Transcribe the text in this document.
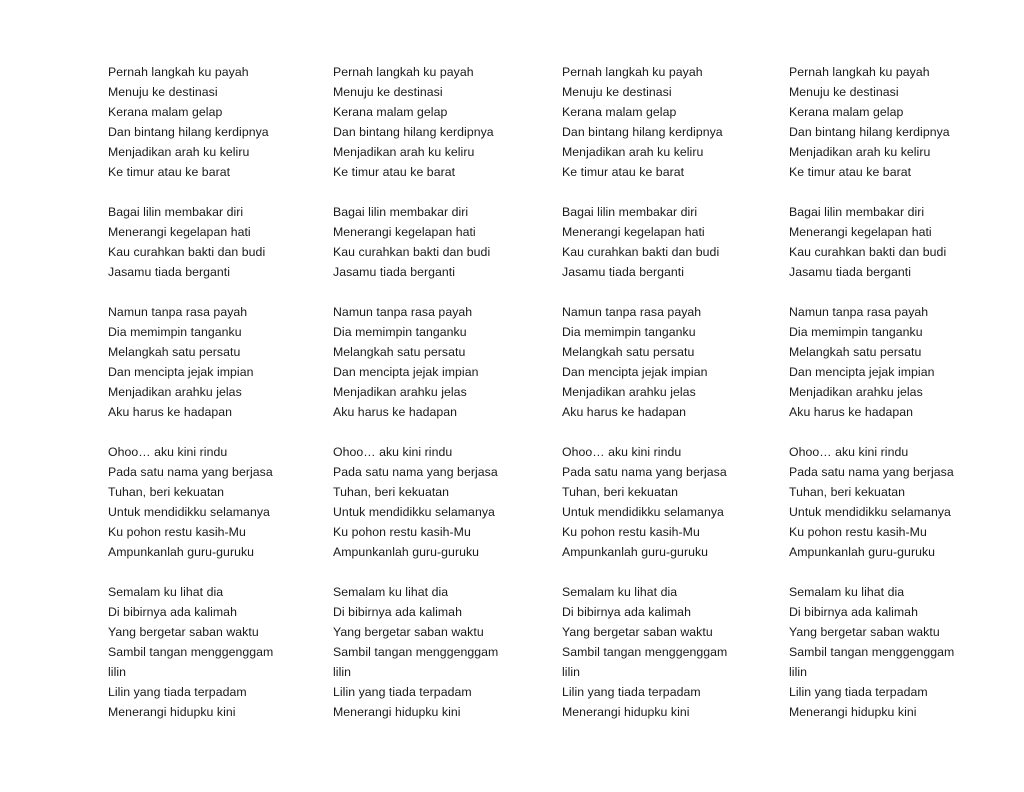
Pernah langkah ku payah
Menuju ke destinasi
Kerana malam gelap
Dan bintang hilang kerdipnya
Menjadikan arah ku keliru
Ke timur atau ke barat
Bagai lilin membakar diri
Menerangi kegelapan hati
Kau curahkan bakti dan budi
Jasamu tiada berganti
Namun tanpa rasa payah
Dia memimpin tanganku
Melangkah satu persatu
Dan mencipta jejak impian
Menjadikan arahku jelas
Aku harus ke hadapan
Ohoo… aku kini rindu
Pada satu nama yang berjasa
Tuhan, beri kekuatan
Untuk mendidikku selamanya
Ku pohon restu kasih-Mu
Ampunkanlah guru-guruku
Semalam ku lihat dia
Di bibirnya ada kalimah
Yang bergetar saban waktu
Sambil tangan menggenggam
lilin
Lilin yang tiada terpadam
Menerangi hidupku kini
Pernah langkah ku payah
Menuju ke destinasi
Kerana malam gelap
Dan bintang hilang kerdipnya
Menjadikan arah ku keliru
Ke timur atau ke barat
Bagai lilin membakar diri
Menerangi kegelapan hati
Kau curahkan bakti dan budi
Jasamu tiada berganti
Namun tanpa rasa payah
Dia memimpin tanganku
Melangkah satu persatu
Dan mencipta jejak impian
Menjadikan arahku jelas
Aku harus ke hadapan
Ohoo… aku kini rindu
Pada satu nama yang berjasa
Tuhan, beri kekuatan
Untuk mendidikku selamanya
Ku pohon restu kasih-Mu
Ampunkanlah guru-guruku
Semalam ku lihat dia
Di bibirnya ada kalimah
Yang bergetar saban waktu
Sambil tangan menggenggam
lilin
Lilin yang tiada terpadam
Menerangi hidupku kini
Pernah langkah ku payah
Menuju ke destinasi
Kerana malam gelap
Dan bintang hilang kerdipnya
Menjadikan arah ku keliru
Ke timur atau ke barat
Bagai lilin membakar diri
Menerangi kegelapan hati
Kau curahkan bakti dan budi
Jasamu tiada berganti
Namun tanpa rasa payah
Dia memimpin tanganku
Melangkah satu persatu
Dan mencipta jejak impian
Menjadikan arahku jelas
Aku harus ke hadapan
Ohoo… aku kini rindu
Pada satu nama yang berjasa
Tuhan, beri kekuatan
Untuk mendidikku selamanya
Ku pohon restu kasih-Mu
Ampunkanlah guru-guruku
Semalam ku lihat dia
Di bibirnya ada kalimah
Yang bergetar saban waktu
Sambil tangan menggenggam
lilin
Lilin yang tiada terpadam
Menerangi hidupku kini
Pernah langkah ku payah
Menuju ke destinasi
Kerana malam gelap
Dan bintang hilang kerdipnya
Menjadikan arah ku keliru
Ke timur atau ke barat
Bagai lilin membakar diri
Menerangi kegelapan hati
Kau curahkan bakti dan budi
Jasamu tiada berganti
Namun tanpa rasa payah
Dia memimpin tanganku
Melangkah satu persatu
Dan mencipta jejak impian
Menjadikan arahku jelas
Aku harus ke hadapan
Ohoo… aku kini rindu
Pada satu nama yang berjasa
Tuhan, beri kekuatan
Untuk mendidikku selamanya
Ku pohon restu kasih-Mu
Ampunkanlah guru-guruku
Semalam ku lihat dia
Di bibirnya ada kalimah
Yang bergetar saban waktu
Sambil tangan menggenggam
lilin
Lilin yang tiada terpadam
Menerangi hidupku kini
